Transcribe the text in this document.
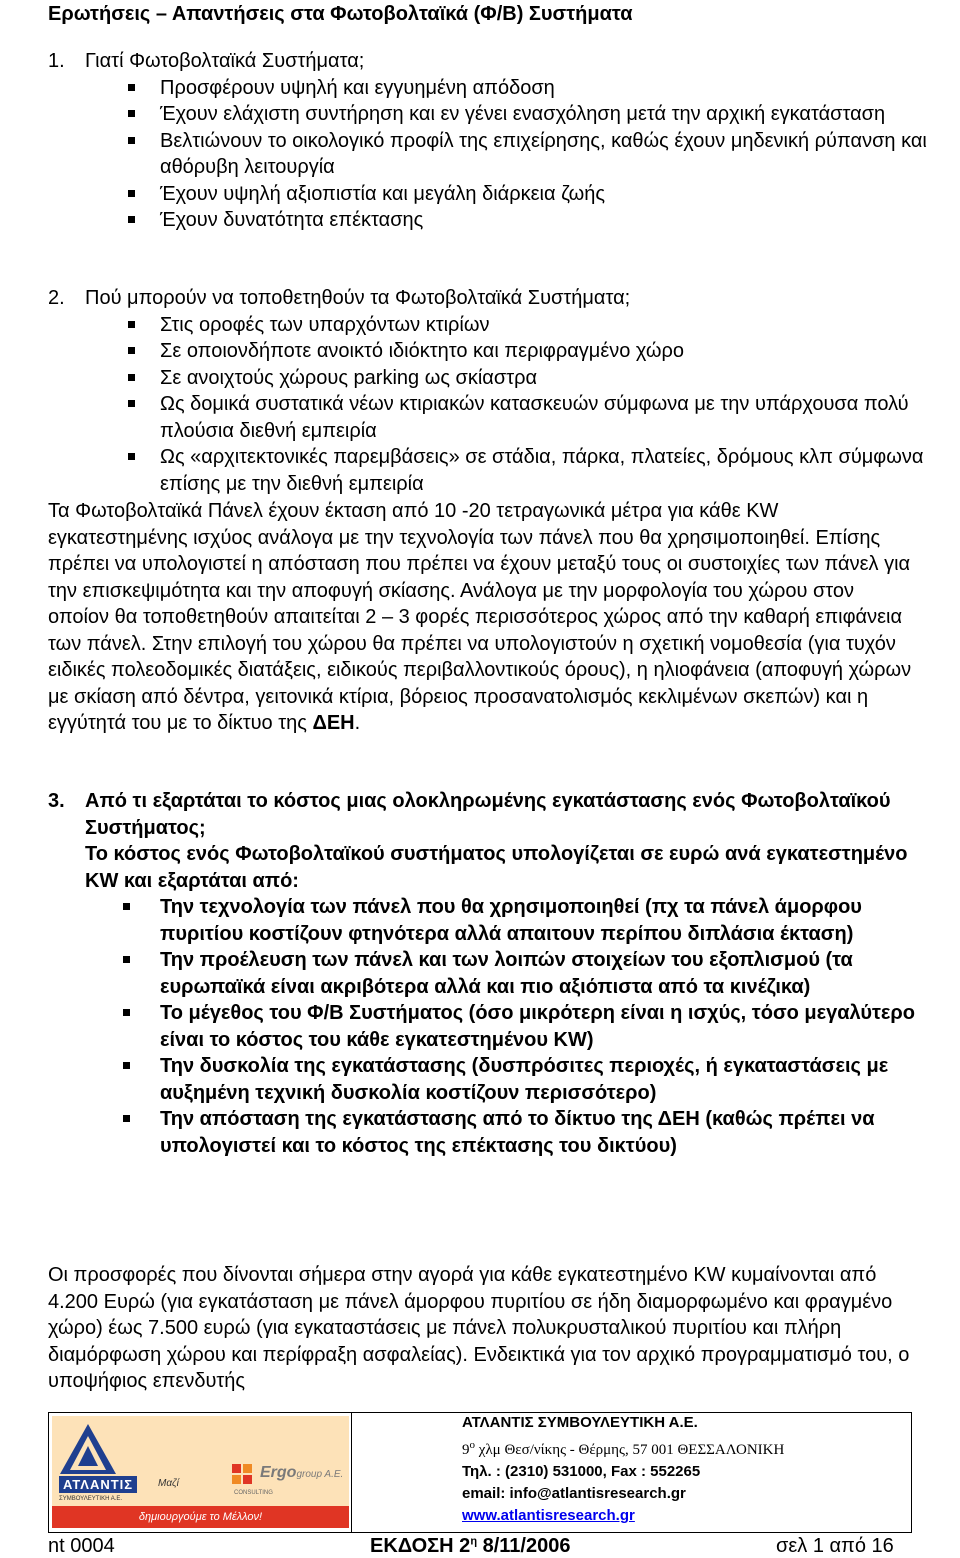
Ερωτήσεις – Απαντήσεις στα Φωτοβολταϊκά (Φ/Β) Συστήματα
1. Γιατί Φωτοβολταϊκά Συστήματα;
Προσφέρουν υψηλή και εγγυημένη απόδοση
Έχουν ελάχιστη συντήρηση και εν γένει ενασχόληση μετά την αρχική εγκατάσταση
Βελτιώνουν το οικολογικό προφίλ της επιχείρησης, καθώς έχουν μηδενική ρύπανση και αθόρυβη λειτουργία
Έχουν υψηλή αξιοπιστία και μεγάλη διάρκεια ζωής
Έχουν δυνατότητα επέκτασης
2. Πού μπορούν να τοποθετηθούν τα Φωτοβολταϊκά Συστήματα;
Στις οροφές των υπαρχόντων κτιρίων
Σε οποιονδήποτε ανοικτό ιδιόκτητο και περιφραγμένο χώρο
Σε ανοιχτούς χώρους parking ως σκίαστρα
Ως δομικά συστατικά νέων κτιριακών κατασκευών σύμφωνα με την υπάρχουσα πολύ πλούσια διεθνή εμπειρία
Ως «αρχιτεκτονικές παρεμβάσεις» σε στάδια, πάρκα, πλατείες, δρόμους κλπ σύμφωνα επίσης με την διεθνή εμπειρία
Τα Φωτοβολταϊκά Πάνελ έχουν έκταση από 10 -20 τετραγωνικά μέτρα για κάθε KW εγκατεστημένης ισχύος ανάλογα με την τεχνολογία των πάνελ που θα χρησιμοποιηθεί. Επίσης πρέπει να υπολογιστεί η απόσταση που πρέπει να έχουν μεταξύ τους οι συστοιχίες των πάνελ για την επισκεψιμότητα και την αποφυγή σκίασης. Ανάλογα με την μορφολογία του χώρου στον οποίον θα τοποθετηθούν απαιτείται 2 – 3 φορές περισσότερος χώρος από την καθαρή επιφάνεια των πάνελ. Στην επιλογή του χώρου θα πρέπει να υπολογιστούν η σχετική νομοθεσία (για τυχόν ειδικές πολεοδομικές διατάξεις, ειδικούς περιβαλλοντικούς όρους), η ηλιοφάνεια (αποφυγή χώρων με σκίαση από δέντρα, γειτονικά κτίρια, βόρειος προσανατολισμός κεκλιμένων σκεπών) και η εγγύτητά του με το δίκτυο της ΔΕΗ.
3. Από τι εξαρτάται το κόστος μιας ολοκληρωμένης εγκατάστασης ενός Φωτοβολταϊκού Συστήματος;
Το κόστος ενός Φωτοβολταϊκού συστήματος υπολογίζεται σε ευρώ ανά εγκατεστημένο KW και εξαρτάται από:
Την τεχνολογία των πάνελ που θα χρησιμοποιηθεί (πχ τα πάνελ άμορφου πυριτίου κοστίζουν φτηνότερα αλλά απαιτουν περίπου διπλάσια έκταση)
Την προέλευση των πάνελ και των λοιπών στοιχείων του εξοπλισμού (τα ευρωπαϊκά είναι ακριβότερα αλλά και πιο αξιόπιστα από τα κινέζικα)
Το μέγεθος του Φ/Β Συστήματος (όσο μικρότερη είναι η ισχύς, τόσο μεγαλύτερο είναι το κόστος του κάθε εγκατεστημένου KW)
Την δυσκολία της εγκατάστασης (δυσπρόσιτες περιοχές, ή εγκαταστάσεις με αυξημένη τεχνική δυσκολία κοστίζουν περισσότερο)
Την απόσταση της εγκατάστασης από το δίκτυο της ΔΕΗ (καθώς πρέπει να υπολογιστεί και το κόστος της επέκτασης του δικτύου)
Οι προσφορές που δίνονται σήμερα στην αγορά για κάθε εγκατεστημένο KW κυμαίνονται από 4.200 Ευρώ (για εγκατάσταση με πάνελ άμορφου πυριτίου σε ήδη διαμορφωμένο και φραγμένο χώρο) έως 7.500 ευρώ (για εγκαταστάσεις με πάνελ πολυκρυσταλικού πυριτίου και πλήρη διαμόρφωση χώρου και περίφραξη ασφαλείας). Ενδεικτικά για τον αρχικό προγραμματισμό του, ο υποψήφιος επενδυτής
ΑΤΛΑΝΤΙΣ
ΣΥΜΒΟΥΛΕΥΤΙΚΗ Α.Ε.
Μαζί
Ergogroup A.E.
CONSULTING
δημιουργούμε το Μέλλον!
ΑΤΛΑΝΤΙΣ ΣΥΜΒΟΥΛΕΥΤΙΚΗ Α.Ε.
$9^o$ χλμ Θεσ/νίκης - Θέρμης, 57 001 ΘΕΣΣΑΛΟΝΙΚΗ
Τηλ. : (2310) 531000, Fax : 552265
email: info@atlantisresearch.gr
www.atlantisresearch.gr
nt 0004	ΕΚΔΟΣΗ $2^\eta$ 8/11/2006	σελ 1 από 16
